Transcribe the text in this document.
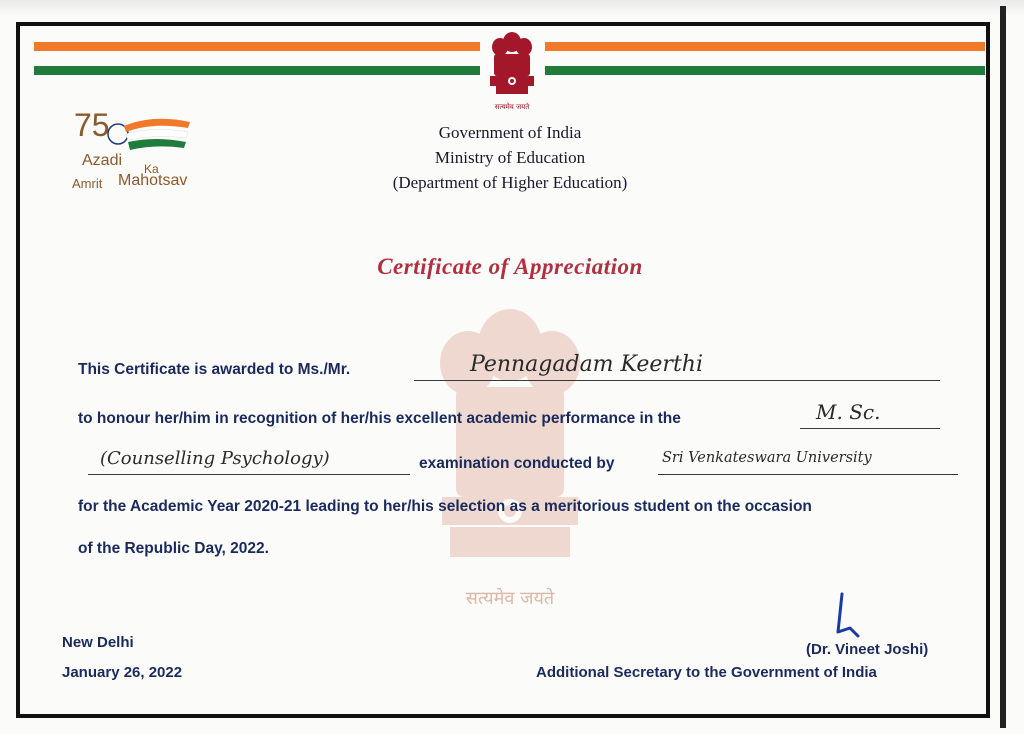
सत्यमेव जयते
75
Azadi Ka
Amrit Mahotsav
Government of India
Ministry of Education
(Department of Higher Education)
Certificate of Appreciation
सत्यमेव जयते
This Certificate is awarded to Ms./Mr.	Pennagadam Keerthi
to honour her/him in recognition of her/his excellent academic performance in the	M. Sc.
(Counselling Psychology)	examination conducted by	Sri Venkateswara University
for the Academic Year 2020-21 leading to her/his selection as a meritorious student on the occasion
of the Republic Day, 2022.
New Delhi
January 26, 2022
(Dr. Vineet Joshi)
Additional Secretary to the Government of India
